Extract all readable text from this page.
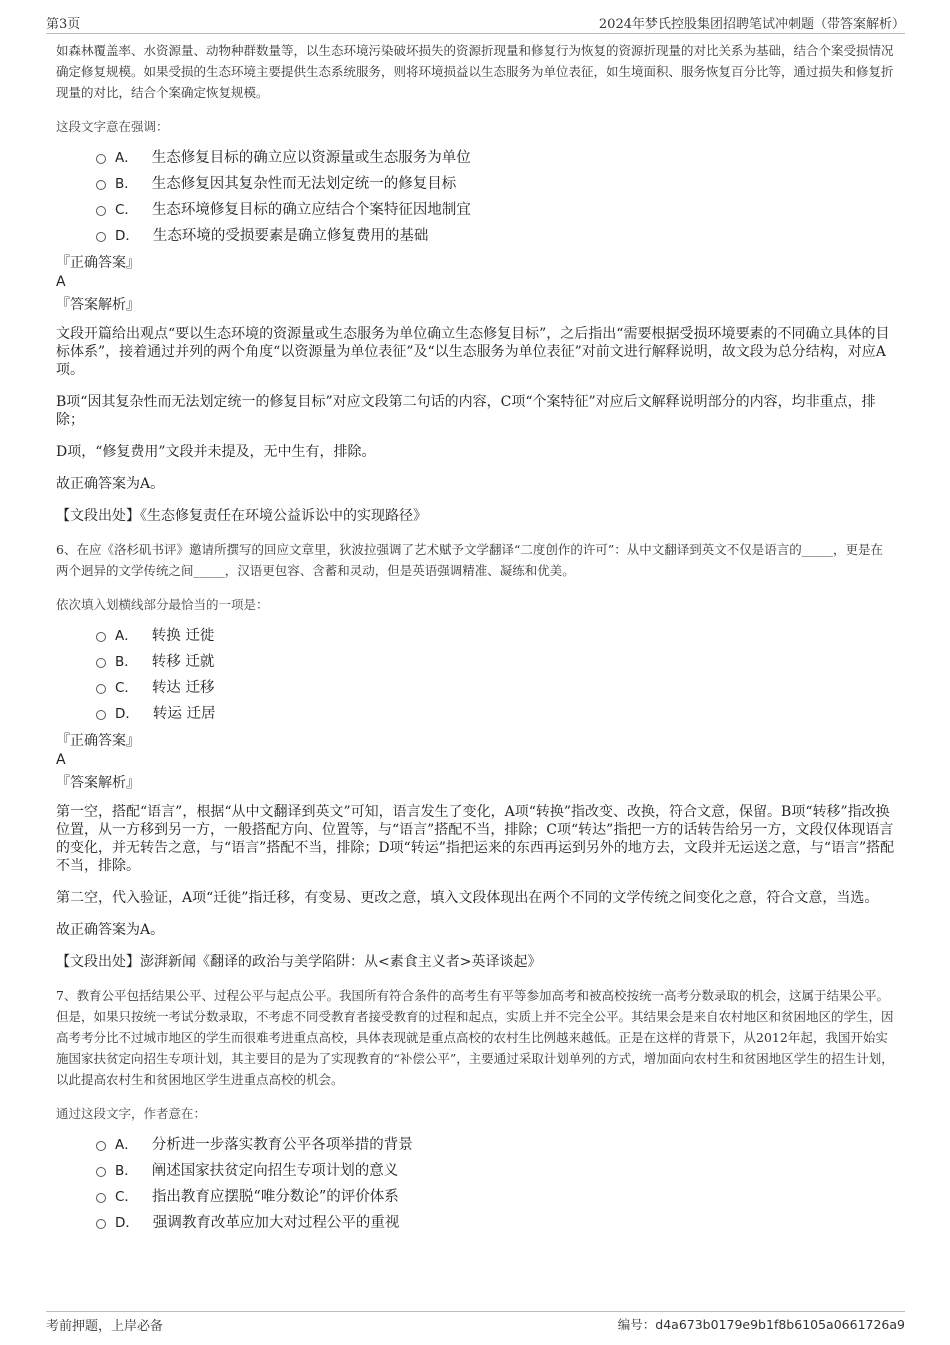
第3页	2024年梦氏控股集团招聘笔试冲刺题（带答案解析）

如森林覆盖率、水资源量、动物种群数量等，以生态环境污染破坏损失的资源折现量和修复行为恢复的资源折现量的对比关系为基础，结合个案受损情况确定修复规模。如果受损的生态环境主要提供生态系统服务，则将环境损益以生态服务为单位表征，如生境面积、服务恢复百分比等，通过损失和修复折现量的对比，结合个案确定恢复规模。

这段文字意在强调：

A． 生态修复目标的确立应以资源量或生态服务为单位
B． 生态修复因其复杂性而无法划定统一的修复目标
C． 生态环境修复目标的确立应结合个案特征因地制宜
D． 生态环境的受损要素是确立修复费用的基础

『正确答案』

A

『答案解析』

文段开篇给出观点“要以生态环境的资源量或生态服务为单位确立生态修复目标”，之后指出“需要根据受损环境要素的不同确立具体的目标体系”，接着通过并列的两个角度“以资源量为单位表征”及“以生态服务为单位表征”对前文进行解释说明，故文段为总分结构，对应A项。

B项“因其复杂性而无法划定统一的修复目标”对应文段第二句话的内容，C项“个案特征”对应后文解释说明部分的内容，均非重点，排除；

D项，“修复费用”文段并未提及，无中生有，排除。

故正确答案为A。

【文段出处】《生态修复责任在环境公益诉讼中的实现路径》

6、在应《洛杉矶书评》邀请所撰写的回应文章里，狄波拉强调了艺术赋予文学翻译“二度创作的许可”：从中文翻译到英文不仅是语言的_____，更是在两个迥异的文学传统之间_____，汉语更包容、含蓄和灵动，但是英语强调精准、凝练和优美。

依次填入划横线部分最恰当的一项是：

A． 转换 迁徙
B． 转移 迁就
C． 转达 迁移
D． 转运 迁居

『正确答案』

A

『答案解析』

第一空，搭配“语言”，根据“从中文翻译到英文”可知，语言发生了变化，A项“转换”指改变、改换，符合文意，保留。B项“转移”指改换位置，从一方移到另一方，一般搭配方向、位置等，与“语言”搭配不当，排除；C项“转达”指把一方的话转告给另一方，文段仅体现语言的变化，并无转告之意，与“语言”搭配不当，排除；D项“转运”指把运来的东西再运到另外的地方去，文段并无运送之意，与“语言”搭配不当，排除。

第二空，代入验证，A项“迁徙”指迁移，有变易、更改之意，填入文段体现出在两个不同的文学传统之间变化之意，符合文意，当选。

故正确答案为A。

【文段出处】澎湃新闻《翻译的政治与美学陷阱：从<素食主义者>英译谈起》

7、教育公平包括结果公平、过程公平与起点公平。我国所有符合条件的高考生有平等参加高考和被高校按统一高考分数录取的机会，这属于结果公平。但是，如果只按统一考试分数录取，不考虑不同受教育者接受教育的过程和起点，实质上并不完全公平。其结果会是来自农村地区和贫困地区的学生，因高考考分比不过城市地区的学生而很难考进重点高校，具体表现就是重点高校的农村生比例越来越低。正是在这样的背景下，从2012年起，我国开始实施国家扶贫定向招生专项计划，其主要目的是为了实现教育的“补偿公平”，主要通过采取计划单列的方式，增加面向农村生和贫困地区学生的招生计划，以此提高农村生和贫困地区学生进重点高校的机会。

通过这段文字，作者意在：

A． 分析进一步落实教育公平各项举措的背景
B． 阐述国家扶贫定向招生专项计划的意义
C． 指出教育应摆脱“唯分数论”的评价体系
D． 强调教育改革应加大对过程公平的重视
考前押题，上岸必备	编号：d4a673b0179e9b1f8b6105a0661726a9
